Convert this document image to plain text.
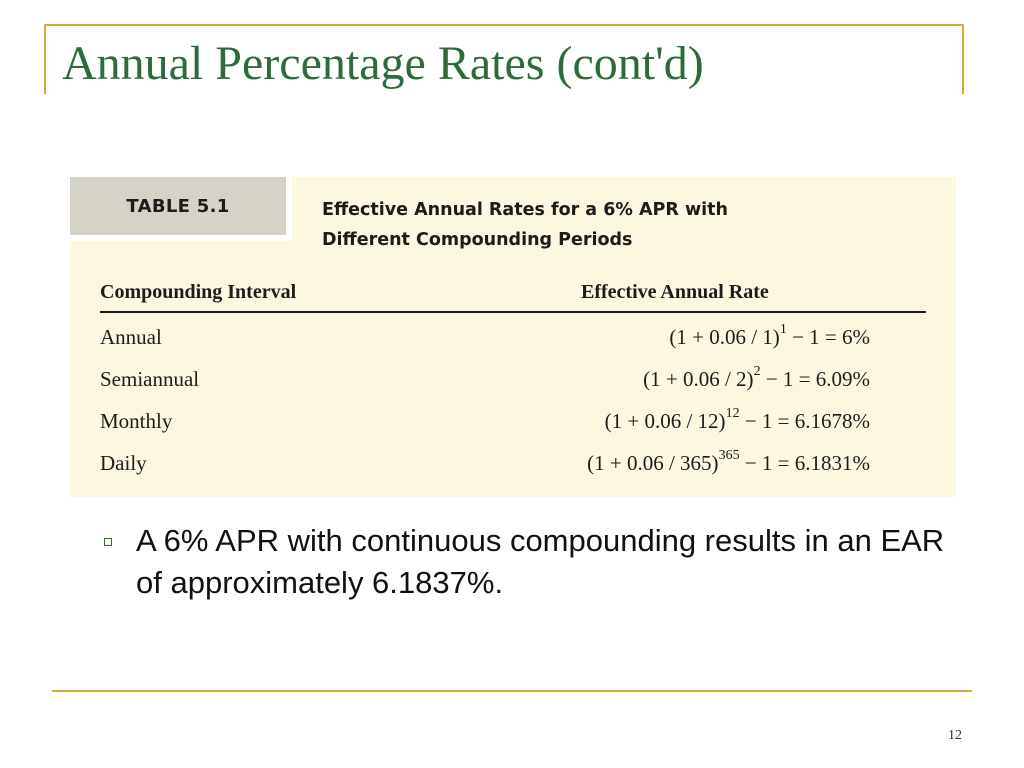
Annual Percentage Rates (cont'd)
TABLE 5.1	Effective Annual Rates for a 6% APR with
Different Compounding Periods
Compounding Interval	Effective Annual Rate
Annual	$(1 + 0.06 / 1)^1 - 1 = 6\%$
Semiannual	$(1 + 0.06 / 2)^2 - 1 = 6.09\%$
Monthly	$(1 + 0.06 / 12)^{12} - 1 = 6.1678\%$
Daily	$(1 + 0.06 / 365)^{365} - 1 = 6.1831\%$
A 6% APR with continuous compounding results in an EAR of approximately 6.1837%.
12
